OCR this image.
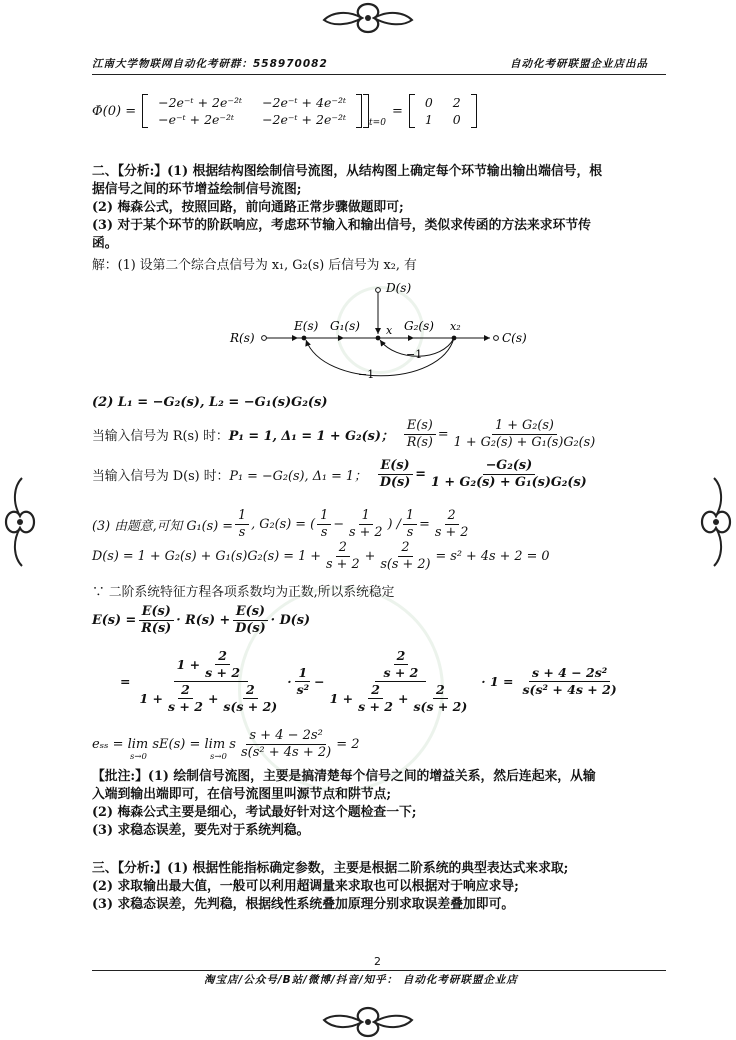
江南大学物联网自动化考研群：558970082	自动化考研联盟企业店出品
Φ̇(0) =
−2e⁻ᵗ + 2e⁻²ᵗ	−2e⁻ᵗ + 4e⁻²ᵗ
−e⁻ᵗ + 2e⁻²ᵗ	−2e⁻ᵗ + 2e⁻²ᵗ	t=0
=
0	2
1	0
二、【分析:】(1) 根据结构图绘制信号流图，从结构图上确定每个环节输出输出端信号，根
据信号之间的环节增益绘制信号流图;
(2) 梅森公式，按照回路，前向通路正常步骤做题即可;
(3) 对于某个环节的阶跃响应，考虑环节输入和输出信号，类似求传函的方法来求环节传
函。
解：(1) 设第二个综合点信号为 x₁, G₂(s) 后信号为 x₂, 有
R(s)
E(s) G₁(s) x G₂(s) x₂
C(s)
D(s)
−1
−1
(2) L₁ = −G₂(s), L₂ = −G₁(s)G₂(s)
当输入信号为 R(s) 时： P₁ = 1, Δ₁ = 1 + G₂(s)； $\frac{E(s)}{R(s)} = \frac{\text{1 + G₂(s)}}{\text{1 + G₂(s) + G₁(s)G₂(s)}}$
当输入信号为 D(s) 时： P₁ = −G₂(s), Δ₁ = 1； $\frac{E(s)}{D(s)} = \frac{\text{−G₂(s)}}{\text{1 + G₂(s) + G₁(s)G₂(s)}}$
(3) 由题意,可知 $G_1(s) = \frac{1}{s}$ , G₂(s) = ( $\frac{1}{s} - \frac{1}{s + 2}$ ) / $\frac{1}{s} = \frac{2}{s + 2}$
$D(s) = 1 + G_2(s) + G_1(s)G_2(s) = 1 + \frac{2}{s + 2} + \frac{2}{s(s + 2)} = s^2 + 4s + 2 = 0$
∵ 二阶系统特征方程各项系数均为正数,所以系统稳定
$E(s) = \frac{E(s)}{R(s)} \cdot R(s) + \frac{E(s)}{D(s)} \cdot D(s)$
= $\frac{1 + \frac{2}{s + 2}}{1 + \frac{2}{s + 2} + \frac{2}{s(s + 2)}} \cdot \frac{1}{\text{s²}} - \frac{\frac{2}{s + 2}}{1 + \frac{2}{s + 2} + \frac{2}{s(s + 2)}} \cdot 1 = \frac{\text{s + 4 − 2s²}}{\text{s(s² + 4s + 2)}}$
eₛₛ = lim sE(s) = lim s $\frac{\text{s + 4 − 2s²}}{\text{s(s² + 4s + 2)}} = 2$
s→0	s→0
【批注:】(1) 绘制信号流图，主要是搞清楚每个信号之间的增益关系，然后连起来，从输
入端到输出端即可，在信号流图里叫源节点和阱节点;
(2) 梅森公式主要是细心，考试最好针对这个题检查一下;
(3) 求稳态误差，要先对于系统判稳。
三、【分析:】(1) 根据性能指标确定参数，主要是根据二阶系统的典型表达式来求取;
(2) 求取输出最大值，一般可以利用超调量来求取也可以根据对于响应求导;
(3) 求稳态误差，先判稳，根据线性系统叠加原理分别求取误差叠加即可。
2
淘宝店/公众号/B站/微博/抖音/知乎： 自动化考研联盟企业店
